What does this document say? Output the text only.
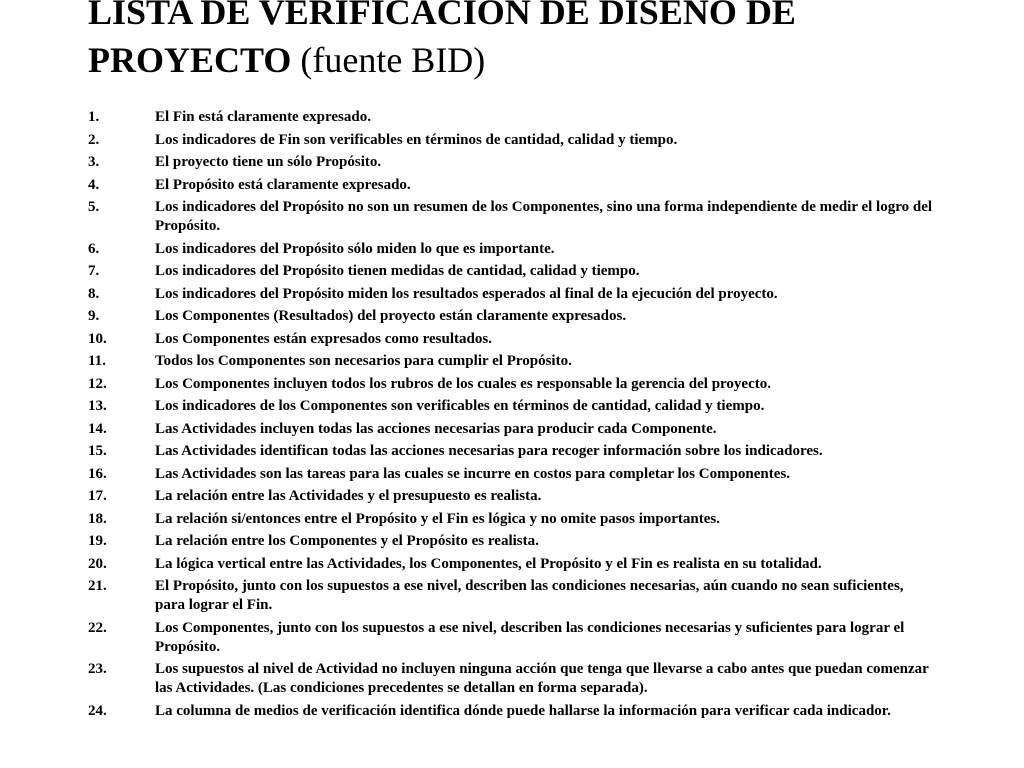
LISTA DE VERIFICACION DE DISENO DE PROYECTO (fuente BID)
1.	El Fin está claramente expresado.
2.	Los indicadores de Fin son verificables en términos de cantidad, calidad y tiempo.
3.	El proyecto tiene un sólo Propósito.
4.	El Propósito está claramente expresado.
5.	Los indicadores del Propósito no son un resumen de los Componentes, sino una forma independiente de medir el logro del Propósito.
6.	Los indicadores del Propósito sólo miden lo que es importante.
7.	Los indicadores del Propósito tienen medidas de cantidad, calidad y tiempo.
8.	Los indicadores del Propósito miden los resultados esperados al final de la ejecución del proyecto.
9.	Los Componentes (Resultados) del proyecto están claramente expresados.
10.	Los Componentes están expresados como resultados.
11.	Todos los Componentes son necesarios para cumplir el Propósito.
12.	Los Componentes incluyen todos los rubros de los cuales es responsable la gerencia del proyecto.
13.	Los indicadores de los Componentes son verificables en términos de cantidad, calidad y tiempo.
14.	Las Actividades incluyen todas las acciones necesarias para producir cada Componente.
15.	Las Actividades identifican todas las acciones necesarias para recoger información sobre los indicadores.
16.	Las Actividades son las tareas para las cuales se incurre en costos para completar los Componentes.
17.	La relación entre las Actividades y el presupuesto es realista.
18.	La relación si/entonces entre el Propósito y el Fin es lógica y no omite pasos importantes.
19.	La relación entre los Componentes y el Propósito es realista.
20.	La lógica vertical entre las Actividades, los Componentes, el Propósito y el Fin es realista en su totalidad.
21.	El Propósito, junto con los supuestos a ese nivel, describen las condiciones necesarias, aún cuando no sean suficientes, para lograr el Fin.
22.	Los Componentes, junto con los supuestos a ese nivel, describen las condiciones necesarias y suficientes para lograr el Propósito.
23.	Los supuestos al nivel de Actividad no incluyen ninguna acción que tenga que llevarse a cabo antes que puedan comenzar las Actividades. (Las condiciones precedentes se detallan en forma separada).
24.	La columna de medios de verificación identifica dónde puede hallarse la información para verificar cada indicador.
